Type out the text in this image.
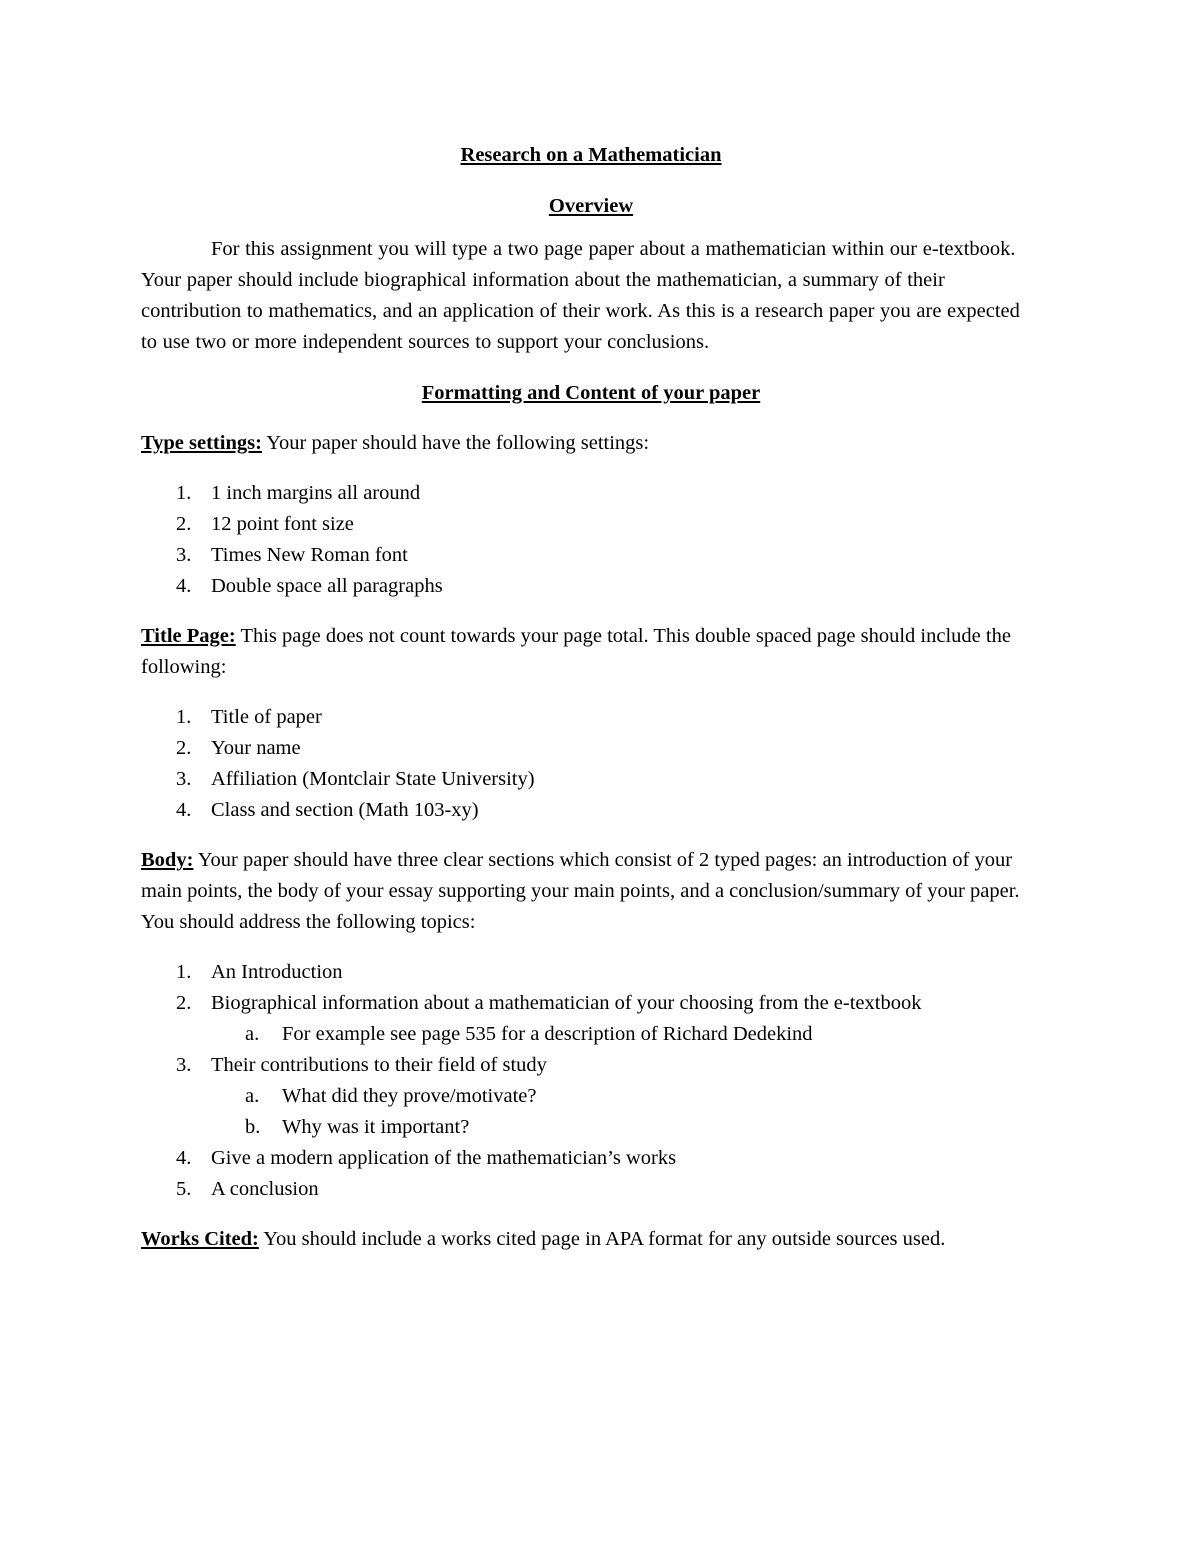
Research on a Mathematician

Overview

For this assignment you will type a two page paper about a mathematician within our e-textbook. Your paper should include biographical information about the mathematician, a summary of their contribution to mathematics, and an application of their work. As this is a research paper you are expected to use two or more independent sources to support your conclusions.

Formatting and Content of your paper

Type settings: Your paper should have the following settings:

1. 1 inch margins all around
2. 12 point font size
3. Times New Roman font
4. Double space all paragraphs

Title Page: This page does not count towards your page total. This double spaced page should include the following:

1. Title of paper
2. Your name
3. Affiliation (Montclair State University)
4. Class and section (Math 103-xy)

Body: Your paper should have three clear sections which consist of 2 typed pages: an introduction of your main points, the body of your essay supporting your main points, and a conclusion/summary of your paper. You should address the following topics:

1. An Introduction
2. Biographical information about a mathematician of your choosing from the e-textbook
a.	For example see page 535 for a description of Richard Dedekind
3. Their contributions to their field of study
a.	What did they prove/motivate?
b.	Why was it important?
4. Give a modern application of the mathematician’s works
5. A conclusion

Works Cited: You should include a works cited page in APA format for any outside sources used.
